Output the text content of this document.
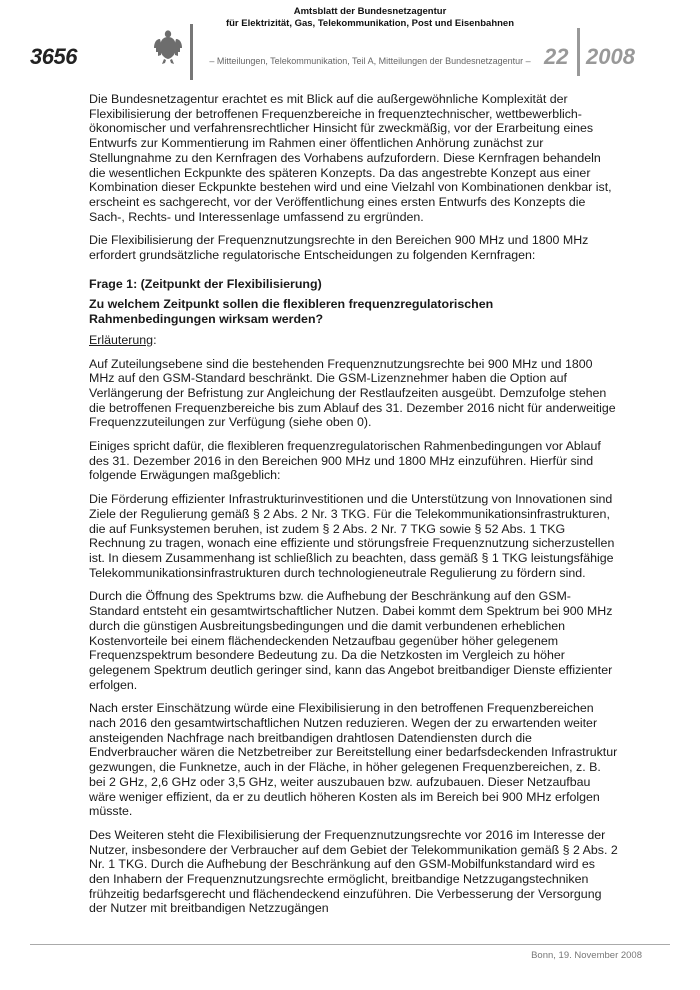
3656
Amtsblatt der Bundesnetzagentur
für Elektrizität, Gas, Telekommunikation, Post und Eisenbahnen
– Mitteilungen, Telekommunikation, Teil A, Mitteilungen der Bundesnetzagentur – 22 2008

Die Bundesnetzagentur erachtet es mit Blick auf die außergewöhnliche Komplexität der Flexibilisierung der betroffenen Frequenzbereiche in frequenztechnischer, wettbewerblich-ökonomischer und verfahrensrechtlicher Hinsicht für zweckmäßig, vor der Erarbeitung eines Entwurfs zur Kommentierung im Rahmen einer öffentlichen Anhörung zunächst zur Stellungnahme zu den Kernfragen des Vorhabens aufzufordern. Diese Kernfragen behandeln die wesentlichen Eckpunkte des späteren Konzepts. Da das angestrebte Konzept aus einer Kombination dieser Eckpunkte bestehen wird und eine Vielzahl von Kombinationen denkbar ist, erscheint es sachgerecht, vor der Veröffentlichung eines ersten Entwurfs des Konzepts die Sach-, Rechts- und Interessenlage umfassend zu ergründen.

Die Flexibilisierung der Frequenznutzungsrechte in den Bereichen 900 MHz und 1800 MHz erfordert grundsätzliche regulatorische Entscheidungen zu folgenden Kernfragen:

Frage 1: (Zeitpunkt der Flexibilisierung)

Zu welchem Zeitpunkt sollen die flexibleren frequenzregulatorischen Rahmenbedingungen wirksam werden?

Erläuterung:

Auf Zuteilungsebene sind die bestehenden Frequenznutzungsrechte bei 900 MHz und 1800 MHz auf den GSM-Standard beschränkt. Die GSM-Lizenznehmer haben die Option auf Verlängerung der Befristung zur Angleichung der Restlaufzeiten ausgeübt. Demzufolge stehen die betroffenen Frequenzbereiche bis zum Ablauf des 31. Dezember 2016 nicht für anderweitige Frequenzzuteilungen zur Verfügung (siehe oben 0).

Einiges spricht dafür, die flexibleren frequenzregulatorischen Rahmenbedingungen vor Ablauf des 31. Dezember 2016 in den Bereichen 900 MHz und 1800 MHz einzuführen. Hierfür sind folgende Erwägungen maßgeblich:

Die Förderung effizienter Infrastrukturinvestitionen und die Unterstützung von Innovationen sind Ziele der Regulierung gemäß § 2 Abs. 2 Nr. 3 TKG. Für die Telekommunikationsinfrastrukturen, die auf Funksystemen beruhen, ist zudem § 2 Abs. 2 Nr. 7 TKG sowie § 52 Abs. 1 TKG Rechnung zu tragen, wonach eine effiziente und störungsfreie Frequenznutzung sicherzustellen ist. In diesem Zusammenhang ist schließlich zu beachten, dass gemäß § 1 TKG leistungsfähige Telekommunikationsinfrastrukturen durch technologieneutrale Regulierung zu fördern sind.

Durch die Öffnung des Spektrums bzw. die Aufhebung der Beschränkung auf den GSM-Standard entsteht ein gesamtwirtschaftlicher Nutzen. Dabei kommt dem Spektrum bei 900 MHz durch die günstigen Ausbreitungsbedingungen und die damit verbundenen erheblichen Kostenvorteile bei einem flächendeckenden Netzaufbau gegenüber höher gelegenem Frequenzspektrum besondere Bedeutung zu. Da die Netzkosten im Vergleich zu höher gelegenem Spektrum deutlich geringer sind, kann das Angebot breitbandiger Dienste effizienter erfolgen.

Nach erster Einschätzung würde eine Flexibilisierung in den betroffenen Frequenzbereichen nach 2016 den gesamtwirtschaftlichen Nutzen reduzieren. Wegen der zu erwartenden weiter ansteigenden Nachfrage nach breitbandigen drahtlosen Datendiensten durch die Endverbraucher wären die Netzbetreiber zur Bereitstellung einer bedarfsdeckenden Infrastruktur gezwungen, die Funknetze, auch in der Fläche, in höher gelegenen Frequenzbereichen, z. B. bei 2 GHz, 2,6 GHz oder 3,5 GHz, weiter auszubauen bzw. aufzubauen. Dieser Netzaufbau wäre weniger effizient, da er zu deutlich höheren Kosten als im Bereich bei 900 MHz erfolgen müsste.

Des Weiteren steht die Flexibilisierung der Frequenznutzungsrechte vor 2016 im Interesse der Nutzer, insbesondere der Verbraucher auf dem Gebiet der Telekommunikation gemäß § 2 Abs. 2 Nr. 1 TKG. Durch die Aufhebung der Beschränkung auf den GSM-Mobilfunkstandard wird es den Inhabern der Frequenznutzungsrechte ermöglicht, breitbandige Netzzugangstechniken frühzeitig bedarfsgerecht und flächendeckend einzuführen. Die Verbesserung der Versorgung der Nutzer mit breitbandigen Netzzugängen

Bonn, 19. November 2008
